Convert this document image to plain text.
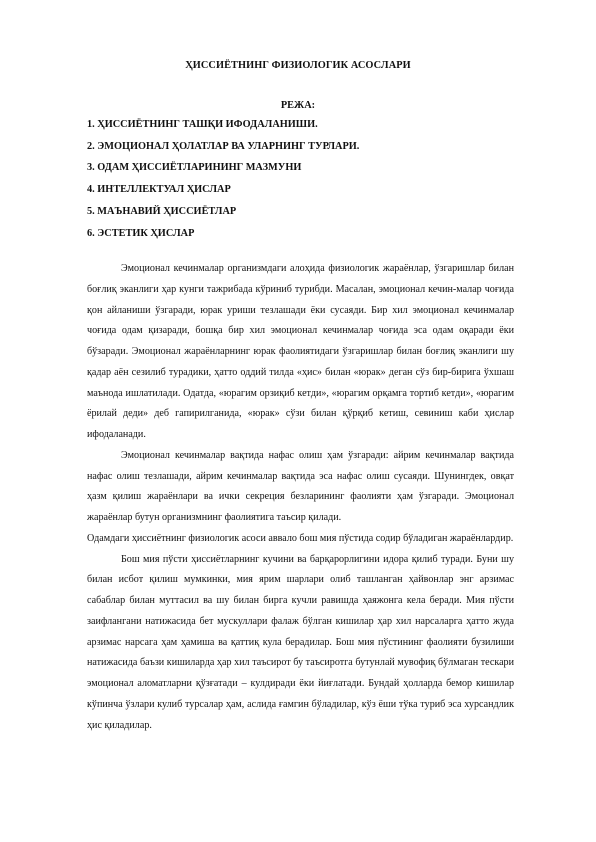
ҲИССИЁТНИНГ ФИЗИОЛОГИК АСОСЛАРИ
РЕЖА:
1. ҲИССИЁТНИНГ ТАШҚИ ИФОДАЛАНИШИ.
2. ЭМОЦИОНАЛ ҲОЛАТЛАР ВА УЛАРНИНГ ТУРЛАРИ.
3. ОДАМ ҲИССИЁТЛАРИНИНГ МАЗМУНИ
4. ИНТЕЛЛЕКТУАЛ ҲИСЛАР
5. МАЪНАВИЙ ҲИССИЁТЛАР
6. ЭСТЕТИК ҲИСЛАР

Эмоционал кечинмалар организмдаги алоҳида физиологик жараёнлар, ўзгаришлар билан боғлиқ эканлиги ҳар кунги тажрибада кўриниб турибди. Масалан, эмоционал кечин-малар чоғида қон айланиши ўзгаради, юрак уриши тезлашади ёки сусаяди. Бир хил эмоционал кечинмалар чоғида одам қизаради, бошқа бир хил эмоционал кечинмалар чоғида эса одам оқаради ёки бўзаради. Эмоционал жараёнларнинг юрак фаолиятидаги ўзгаришлар билан боғлиқ эканлиги шу қадар аён сезилиб турадики, ҳатто оддий тилда «ҳис» билан «юрак» деган сўз бир-бирига ўхшаш маънода ишлатилади. Одатда, «юрагим орзиқиб кетди», «юрагим орқамга тортиб кетди», «юрагим ёрилай деди» деб гапирилганида, «юрак» сўзи билан қўрқиб кетиш, севиниш каби ҳислар ифодаланади.

Эмоционал кечинмалар вақтида нафас олиш ҳам ўзгаради: айрим кечинмалар вақтида нафас олиш тезлашади, айрим кечинмалар вақтида эса нафас олиш сусаяди. Шунингдек, овқат ҳазм қилиш жараёнлари ва ички секреция безларининг фаолияти ҳам ўзгаради. Эмоционал жараёнлар бутун организмнинг фаолиятига таъсир қилади.

Одамдаги ҳиссиётнинг физиологик асоси аввало бош мия пўстида содир бўладиган жараёнлардир.

Бош мия пўсти ҳиссиётларнинг кучини ва барқарорлигини идора қилиб туради. Буни шу билан исбот қилиш мумкинки, мия ярим шарлари олиб ташланган ҳайвонлар энг арзимас сабаблар билан муттасил ва шу билан бирга кучли равишда ҳаяжонга кела беради. Мия пўсти заифлангани натижасида бет мускуллари фалаж бўлган кишилар ҳар хил нарсаларга ҳатто жуда арзимас нарсага ҳам ҳамиша ва қаттиқ кула берадилар. Бош мия пўстининг фаолияти бузилиши натижасида баъзи кишиларда ҳар хил таъсирот бу таъсиротга бутунлай мувофиқ бўлмаган тескари эмоционал аломатларни қўзғатади – кулдиради ёки йиғлатади. Бундай ҳолларда бемор кишилар кўпинча ўзлари кулиб турсалар ҳам, аслида ғамгин бўладилар, кўз ёши тўка туриб эса хурсандлик ҳис қиладилар.
